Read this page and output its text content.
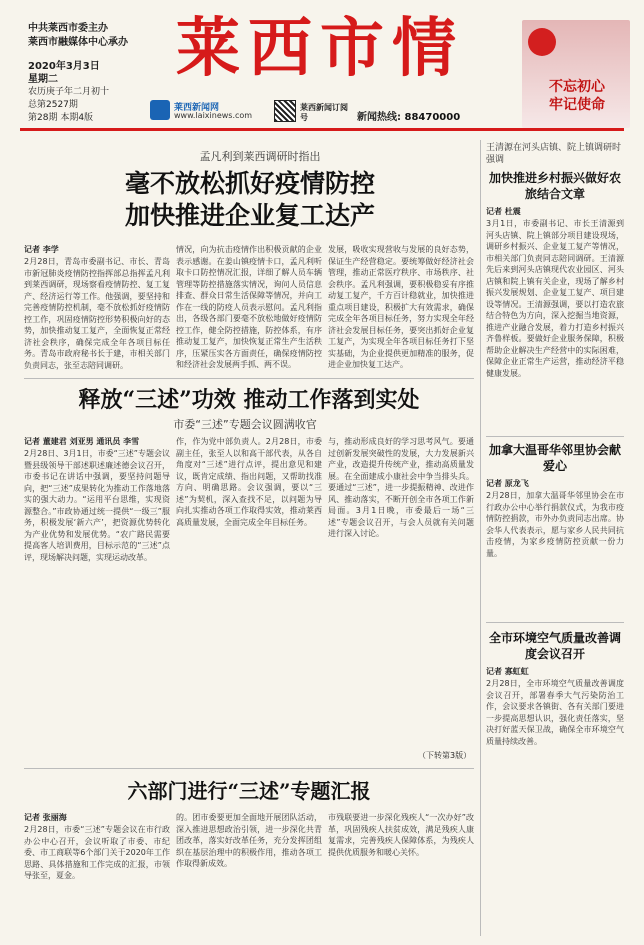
中共莱西市委主办
莱西市融媒体中心承办
2020年3月3日
星期二
农历庚子年二月初十
总第2527期
第28期 本期4版
莱西市情
莱西新闻网
www.laixinews.com
莱西新闻订阅号	新闻热线: 88470000
不忘初心
牢记使命
孟凡利到莱西调研时指出
毫不放松抓好疫情防控
加快推进企业复工达产
记者 李学
2月28日，青岛市委副书记、市长、青岛市新冠肺炎疫情防控指挥部总指挥孟凡利到莱西调研，现场察看疫情防控、复工复产、经济运行等工作。他强调，要坚持和完善疫情防控机制，毫不放松抓好疫情防控工作，巩固疫情防控形势积极向好的态势，加快推动复工复产，全面恢复正常经济社会秩序，确保完成全年各项目标任务。青岛市政府秘书长于建，市相关部门负责同志，张至志陪同调研。
情况，向为抗击疫情作出积极贡献的企业表示感谢。在姜山镇疫情卡口，孟凡利听取卡口防控情况汇报，详细了解人员车辆管理等防控措施落实情况，询问人员信息排查、群众日常生活保障等情况，并向工作在一线的防疫人员表示慰问。孟凡利指出，各级各部门要毫不放松地做好疫情防控工作，健全防控措施，防控体系，有序推动复工复产，加快恢复正常生产生活秩序，压紧压实各方面责任，确保疫情防控和经济社会发展两手抓、两不误。
发展，吸收实现营收与发展的良好态势，保证生产经营稳定。要统筹做好经济社会管理，推动正常医疗秩序、市场秩序、社会秩序。孟凡利强调，要积极稳妥有序推动复工复产，千方百计稳就业，加快推进重点项目建设，积极扩大有效需求，确保完成全年各项目标任务，努力实现全年经济社会发展目标任务，要突出抓好企业复工复产，为实现全年各项目标任务打下坚实基础，为企业提供更加精准的服务，促进企业加快复工达产。
释放“三述”功效 推动工作落到实处
市委“三述”专题会议圆满收官
记者 董建君 刘亚男 通讯员 李雪
2月28日、3月1日，市委“三述”专题会议暨县级领导干部述职述廉述德会议召开，市委书记在讲话中强调，要坚持问题导向，把“三述”成果转化为推动工作落地落实的强大动力。“运用平台思维，实现资源整合。”市政协通过统一提供“一级三”服务，积极发展‘新六产’，把资源优势转化为产业优势和发展优势。“农广路民需要提高客人培训费用，目标示范的“三述”点评，现场解决问题，实现运动改革。
作，作为党中部负责人。2月28日，市委副主任，张至人以和高干部代表，从各自角度对“三述”进行点评，提出意见和建议，既肯定成绩、指出问题，又帮助找准方向、明确思路。会议强调，要以“三述”为契机，深入查找不足，以问题为导向扎实推动各项工作取得实效，推动莱西高质量发展，全面完成全年目标任务。
与，推动形成良好的学习思考风气。要通过创新发展突破性的发展，大力发展新兴产业，改造提升传统产业，推动高质量发展。在全面建成小康社会中争当排头兵。要通过“三述”，进一步提振精神、改进作风、推动落实，不断开创全市各项工作新局面。3月1日晚，市委最后一场“三述”专题会议召开，与会人员就有关问题进行深入讨论。
（下转第3版）
六部门进行“三述”专题汇报
记者 张丽海
2月28日，市委“三述”专题会议在市行政办公中心召开，会议听取了市委、市纪委、市工商联等6个部门关于2020年工作思路、具体措施和工作完成的汇报，市领导张至，夏金。
的。团市委要更加全面地开展团队活动，深入推进思想政治引领，进一步深化共青团改革，落实好改革任务，充分发挥团组织在基层治理中的积极作用，推动各项工作取得新成效。
市残联要进一步深化残疾人“一次办好”改革，巩固残疾人扶贫成效，满足残疾人康复需求，完善残疾人保障体系，为残疾人提供优质服务和暖心关怀。
王清源在河头店镇、院上镇调研时强调
加快推进乡村振兴做好农旅结合文章
记者 杜震
3月1日，市委副书记、市长王清源到河头店镇、院上镇部分项目建设现场，调研乡村振兴、企业复工复产等情况，市相关部门负责同志陪同调研。王清源先后来到河头店镇现代农业园区、河头店镇和院上镇有关企业，现场了解乡村振兴发展规划、企业复工复产、项目建设等情况。王清源强调，要以打造农旅结合特色为方向，深入挖掘当地资源，推进产业融合发展，着力打造乡村振兴齐鲁样板。要做好企业服务保障，积极帮助企业解决生产经营中的实际困难，保障企业正常生产运营，推动经济平稳健康发展。
加拿大温哥华邻里协会献爱心
记者 原龙飞
2月28日，加拿大温哥华邻里协会在市行政办公中心举行捐款仪式，为我市疫情防控捐款，市外办负责同志出席。协会华人代表表示，愿与家乡人民共同抗击疫情，为家乡疫情防控贡献一份力量。
全市环境空气质量改善调度会议召开
记者 寡虹虹
2月28日，全市环境空气质量改善调度会议召开，部署春季大气污染防治工作，会议要求各镇街、各有关部门要进一步提高思想认识，强化责任落实，坚决打好蓝天保卫战，确保全市环境空气质量持续改善。
